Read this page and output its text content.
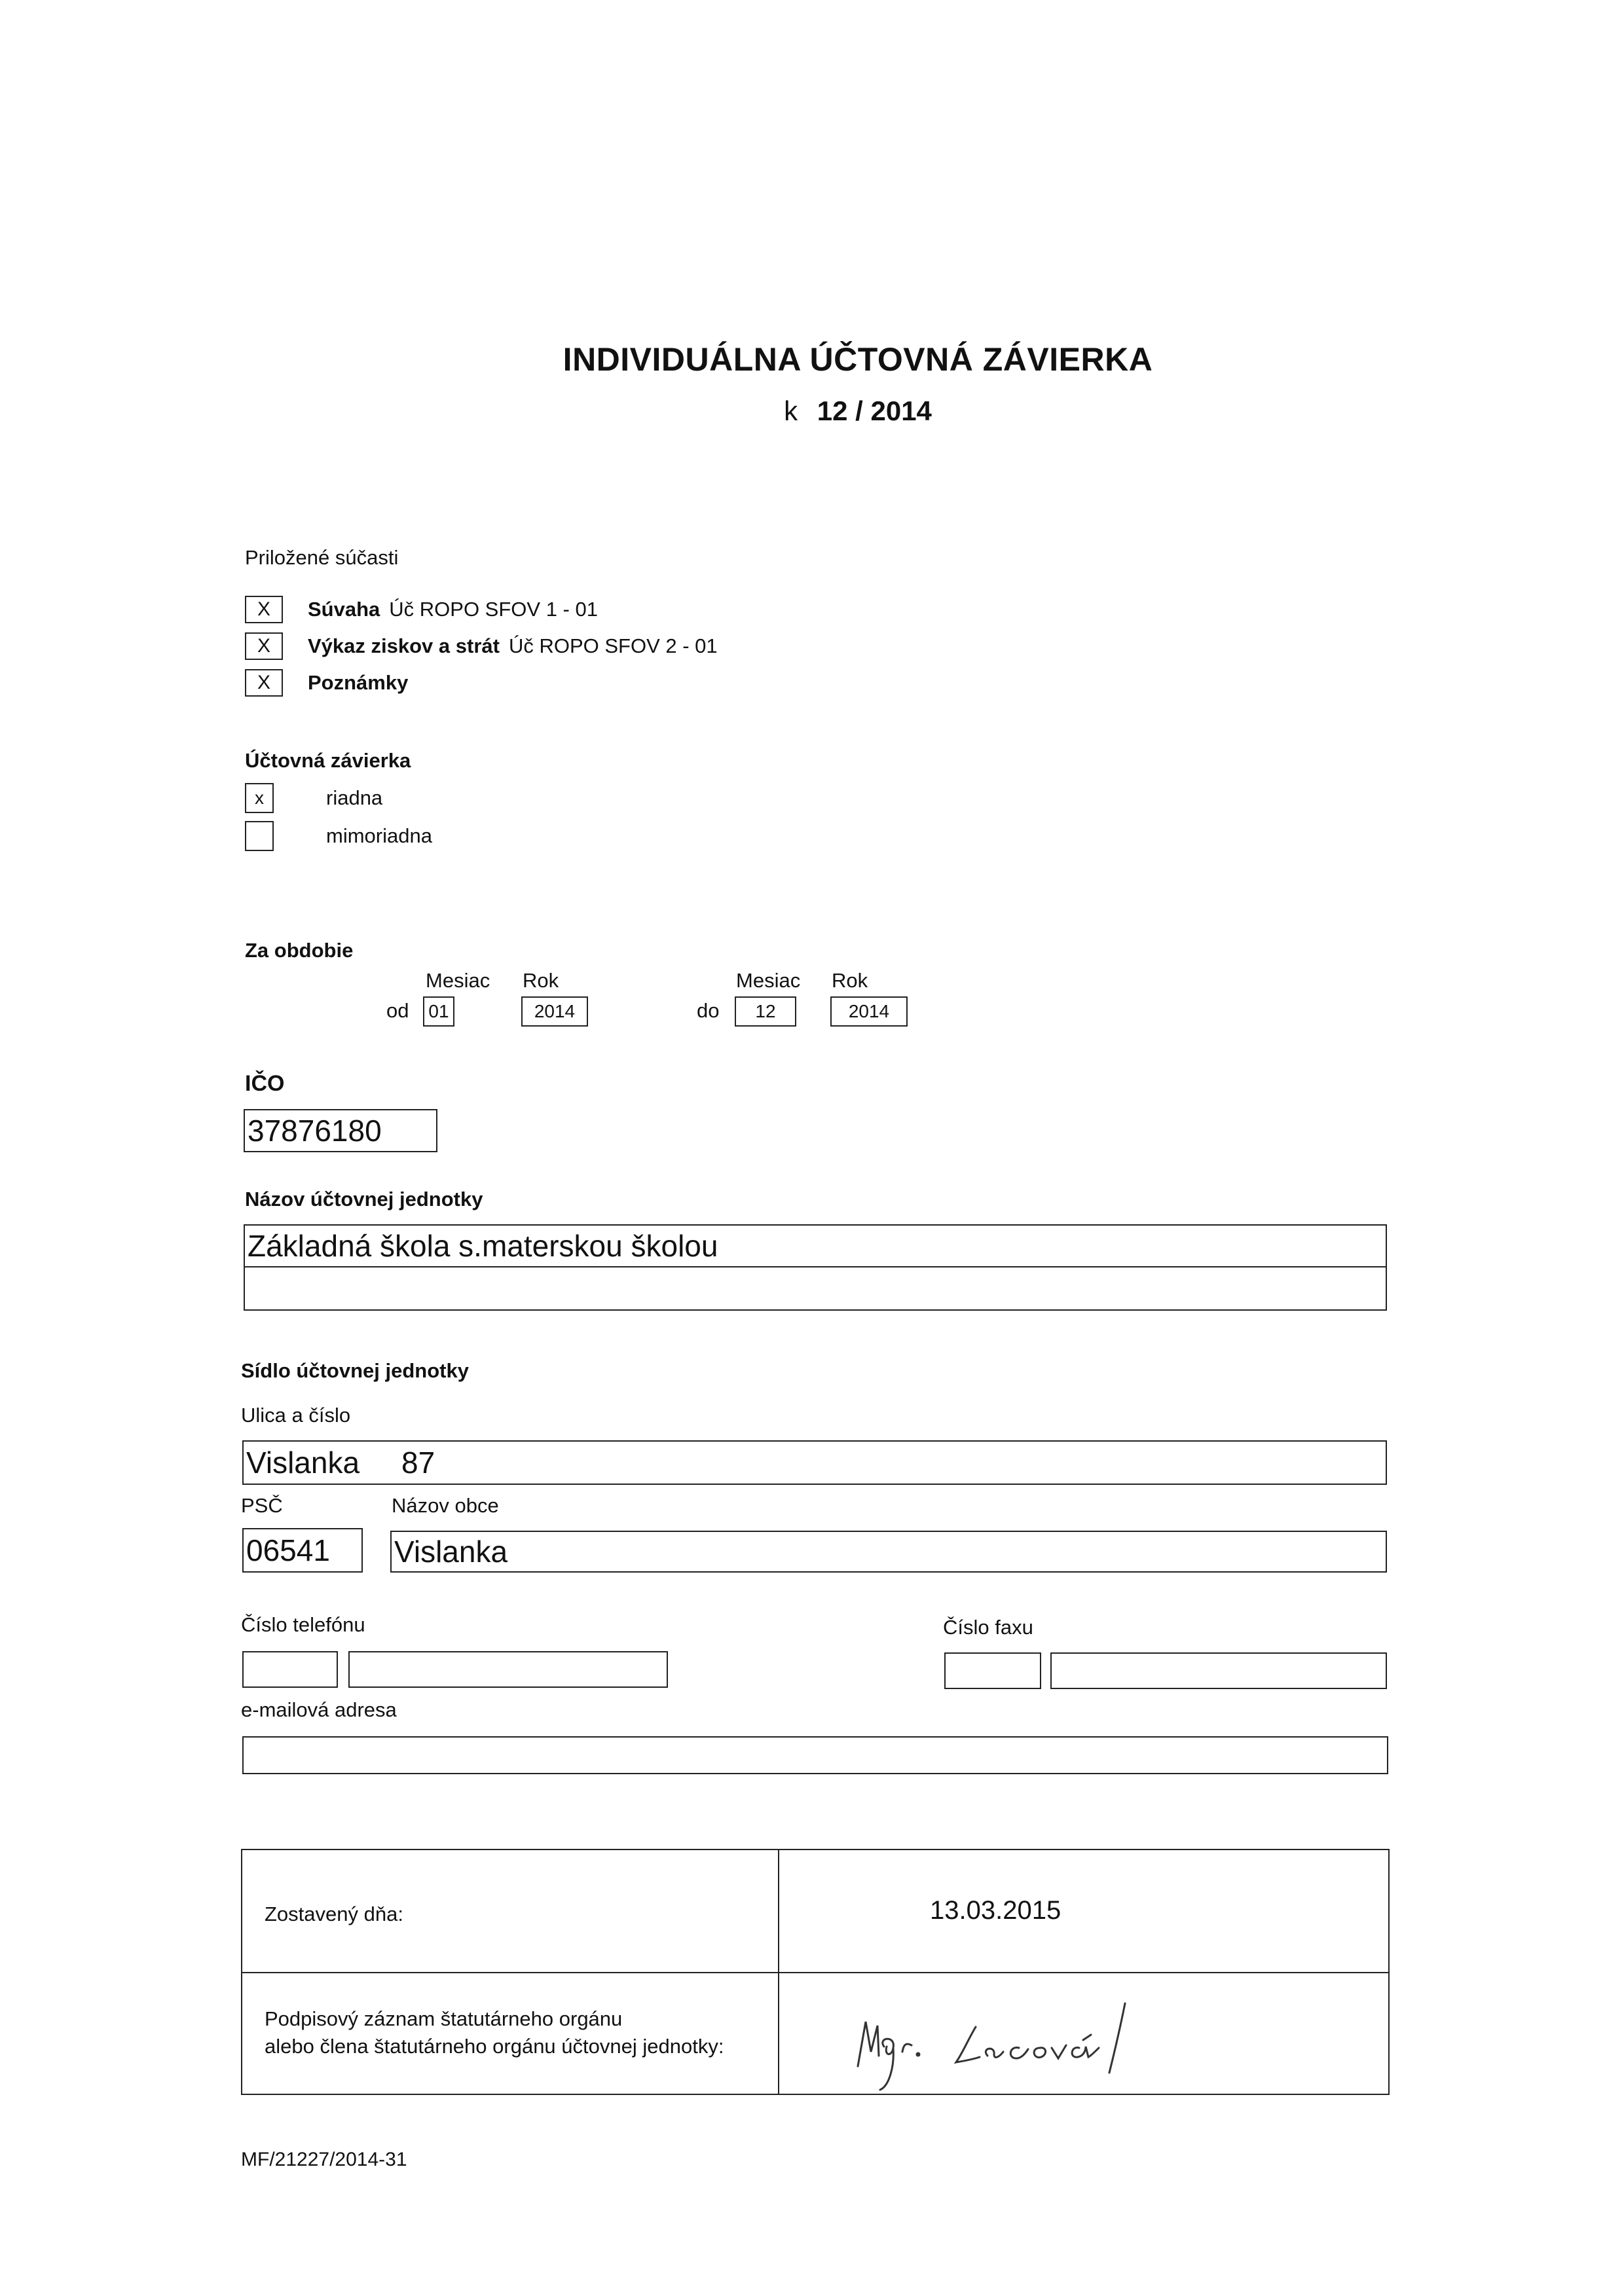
INDIVIDUÁLNA ÚČTOVNÁ ZÁVIERKA
k 12 / 2014
Priložené súčasti
X	Súvaha Úč ROPO SFOV 1 - 01
X	Výkaz ziskov a strát Úč ROPO SFOV 2 - 01
X	Poznámky
Účtovná závierka
x	riadna
mimoriadna
Za obdobie
Mesiac Rok	Mesiac Rok
od	01	2014	do	12	2014
IČO
37876180
Názov účtovnej jednotky
Základná škola s.materskou školou
Sídlo účtovnej jednotky
Ulica a číslo
Vislanka 87
PSČ	Názov obce
06541	Vislanka
Číslo telefónu	Číslo faxu
e-mailová adresa
Zostavený dňa:	13.03.2015
Podpisový záznam štatutárneho orgánu
alebo člena štatutárneho orgánu účtovnej jednotky:
MF/21227/2014-31
